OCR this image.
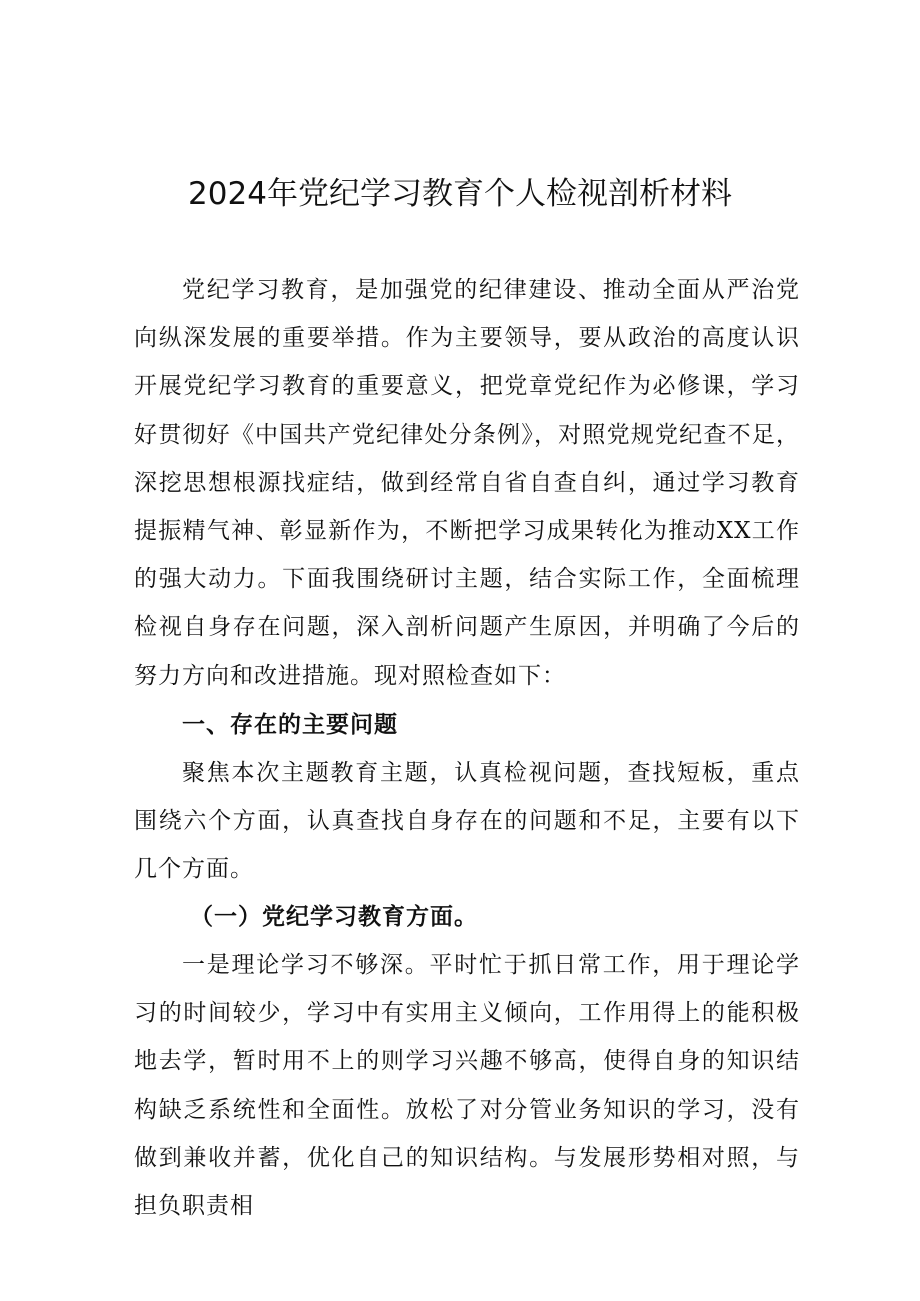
2024年党纪学习教育个人检视剖析材料

党纪学习教育，是加强党的纪律建设、推动全面从严治党向纵深发展的重要举措。作为主要领导，要从政治的高度认识开展党纪学习教育的重要意义，把党章党纪作为必修课，学习好贯彻好《中国共产党纪律处分条例》，对照党规党纪查不足，深挖思想根源找症结，做到经常自省自查自纠，通过学习教育提振精气神、彰显新作为，不断把学习成果转化为推动XX工作的强大动力。下面我围绕研讨主题，结合实际工作，全面梳理检视自身存在问题，深入剖析问题产生原因，并明确了今后的努力方向和改进措施。现对照检查如下：

一、存在的主要问题

聚焦本次主题教育主题，认真检视问题，查找短板，重点围绕六个方面，认真查找自身存在的问题和不足，主要有以下几个方面。

（一）党纪学习教育方面。

一是理论学习不够深。平时忙于抓日常工作，用于理论学习的时间较少，学习中有实用主义倾向，工作用得上的能积极地去学，暂时用不上的则学习兴趣不够高，使得自身的知识结构缺乏系统性和全面性。放松了对分管业务知识的学习，没有做到兼收并蓄，优化自己的知识结构。与发展形势相对照，与担负职责相
